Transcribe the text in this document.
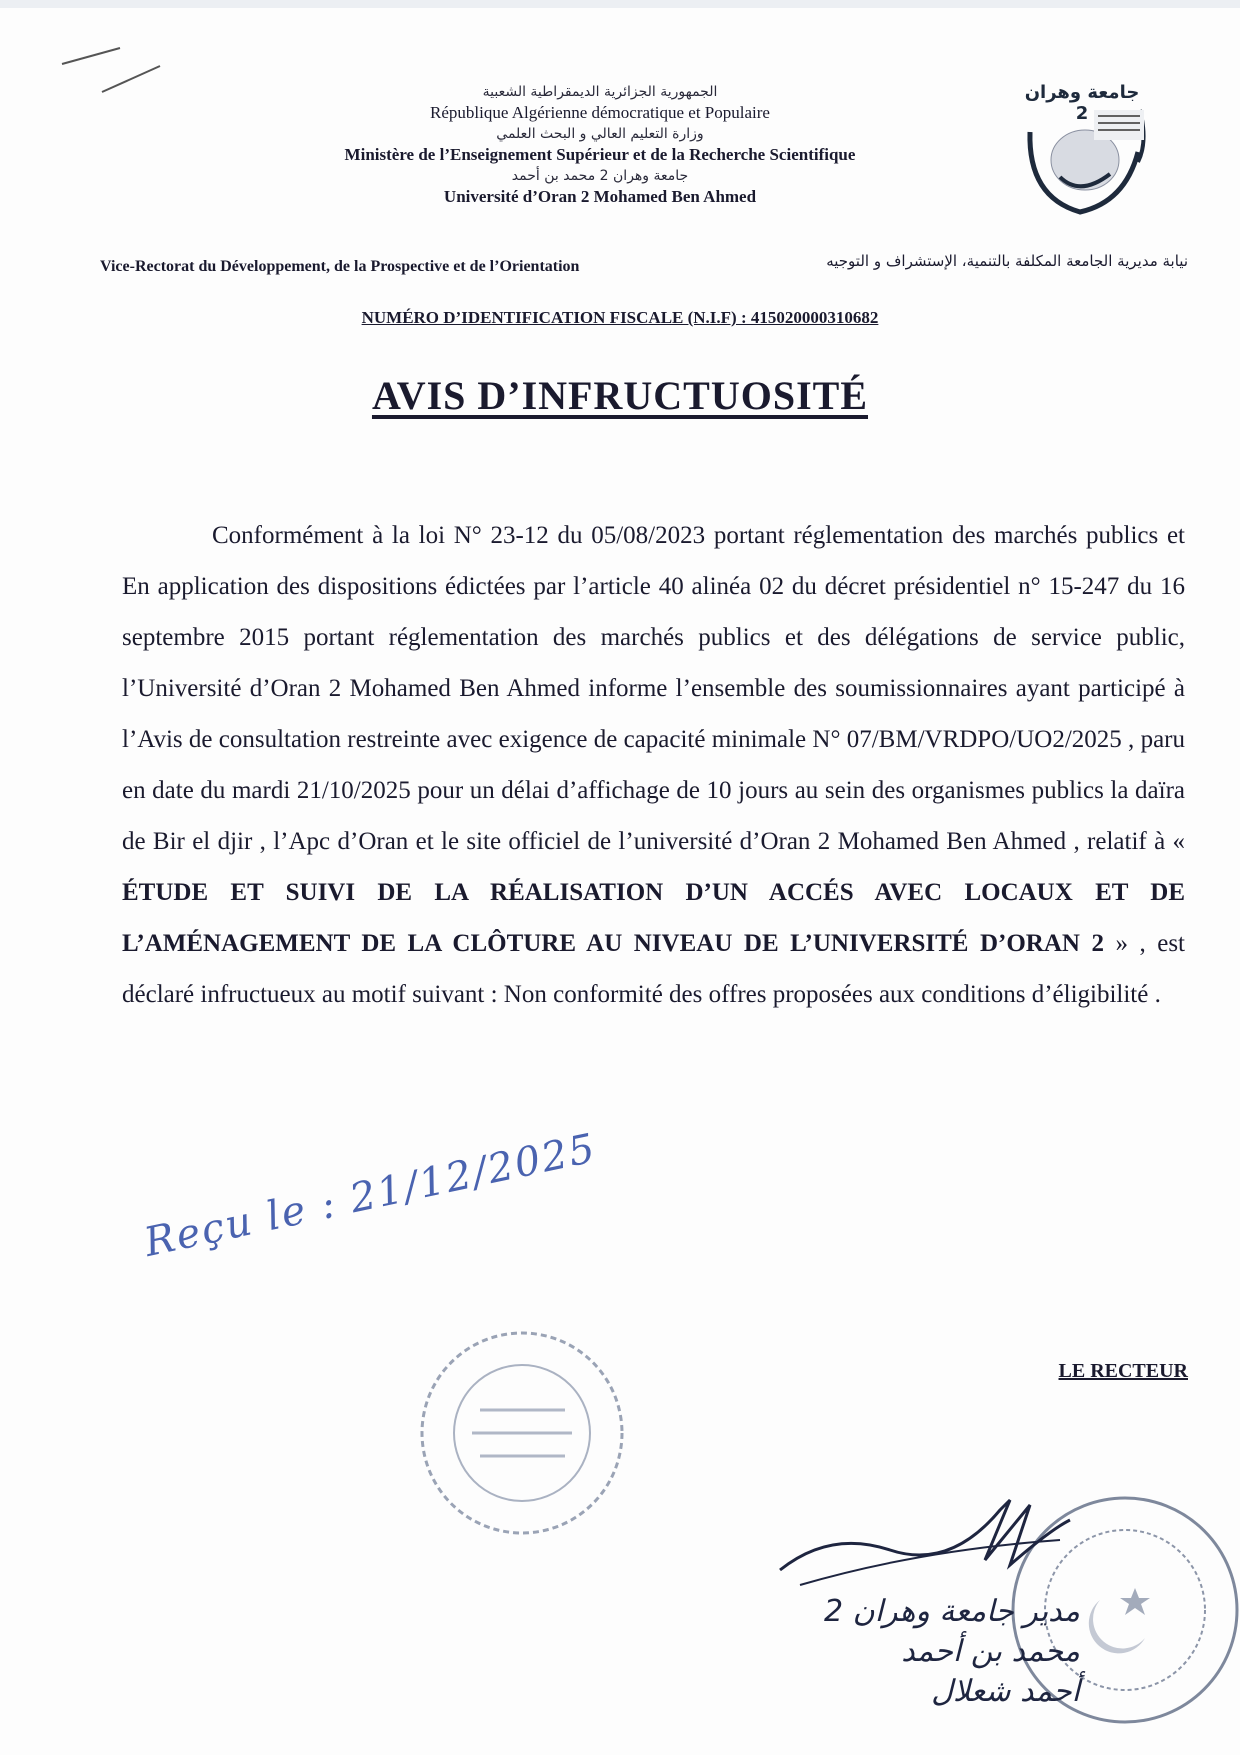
الجمهورية الجزائرية الديمقراطية الشعبية
République Algérienne démocratique et Populaire
وزارة التعليم العالي و البحث العلمي
Ministère de l’Enseignement Supérieur et de la Recherche Scientifique
جامعة وهران 2 محمد بن أحمد
Université d’Oran 2 Mohamed Ben Ahmed
جامعة وهران 2
Vice-Rectorat du Développement, de la Prospective et de l’Orientation	نيابة مديرية الجامعة المكلفة بالتنمية، الإستشراف و التوجيه
NUMÉRO D’IDENTIFICATION FISCALE (N.I.F) : 415020000310682
AVIS D’INFRUCTUOSITÉ
Conformément à la loi N° 23-12 du 05/08/2023 portant réglementation des marchés publics et En application des dispositions édictées par l’article 40 alinéa 02 du décret présidentiel n° 15-247 du 16 septembre 2015 portant réglementation des marchés publics et des délégations de service public, l’Université d’Oran 2 Mohamed Ben Ahmed informe l’ensemble des soumissionnaires ayant participé à l’Avis de consultation restreinte avec exigence de capacité minimale N° 07/BM/VRDPO/UO2/2025 , paru en date du mardi 21/10/2025 pour un délai d’affichage de 10 jours au sein des organismes publics la daïra de Bir el djir , l’Apc d’Oran et le site officiel de l’université d’Oran 2 Mohamed Ben Ahmed , relatif à « ÉTUDE ET SUIVI DE LA RÉALISATION D’UN ACCÉS AVEC LOCAUX ET DE L’AMÉNAGEMENT DE LA CLÔTURE AU NIVEAU DE L’UNIVERSITÉ D’ORAN 2 » , est déclaré infructueux au motif suivant : Non conformité des offres proposées aux conditions d’éligibilité .
Reçu le : 21/12/2025
LE RECTEUR
مدير جامعة وهران 2
محمد بن أحمد
أحمد شعلال
